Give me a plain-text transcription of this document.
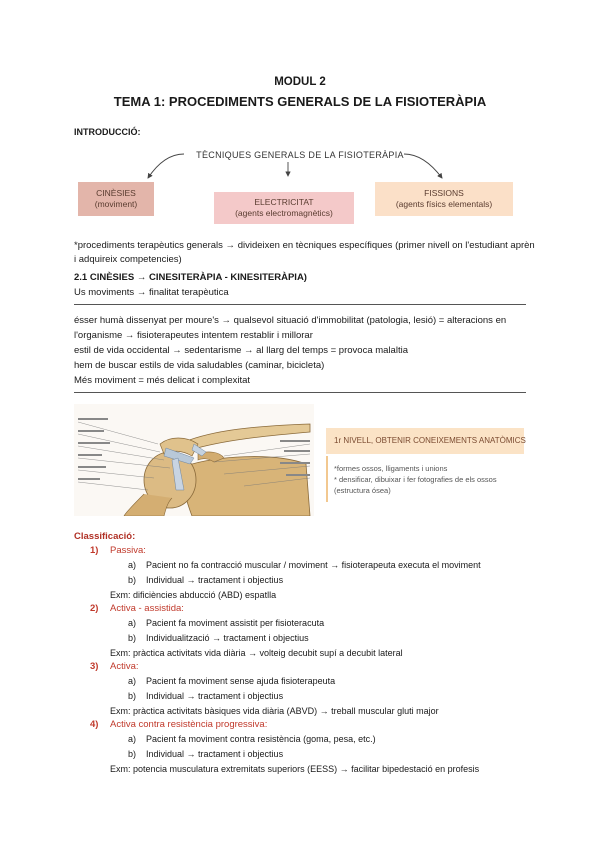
MODUL 2
TEMA 1: PROCEDIMENTS GENERALS DE LA FISIOTERÀPIA
INTRODUCCIÓ:
TÈCNIQUES GENERALS DE LA FISIOTERÀPIA
CINÈSIES
(moviment)	ELECTRICITAT
(agents electromagnètics)
FISSIONS
(agents físics elementals)
*procediments terapèutics generals → divideixen en tècniques específiques (primer nivell on l'estudiant aprèn
i adquireix competencies)
2.1 CINÈSIES → CINESITERÀPIA - KINESITERÀPIA)
Us moviments → finalitat terapèutica
ésser humà dissenyat per moure's → qualsevol situació d'immobilitat (patologia, lesió) = alteracions en
l'organisme → fisioterapeutes intentem restablir i millorar
estil de vida occidental → sedentarisme → al llarg del temps = provoca malaltia
hem de buscar estils de vida saludables (caminar, bicicleta)
Més moviment = més delicat i complexitat
1r NIVELL, OBTENIR CONEIXEMENTS ANATÒMICS
*formes ossos, lligaments i unions
* densificar, dibuixar i fer fotografies de els ossos
(estructura ósea)
Classificació:
1) Passiva:
a) Pacient no fa contracció muscular / moviment → fisioterapeuta executa el moviment
b) Individual → tractament i objectius
Exm: dificiències abducció (ABD) espatlla
2) Activa - assistida:
a) Pacient fa moviment assistit per fisioteracuta
b) Individualització → tractament i objectius
Exm: pràctica activitats vida diària → volteig decubit supí a decubit lateral
3) Activa:
a) Pacient fa moviment sense ajuda fisioterapeuta
b) Individual → tractament i objectius
Exm: pràctica activitats bàsiques vida diària (ABVD) → treball muscular gluti major
4) Activa contra resistència progressiva:
a) Pacient fa moviment contra resistència (goma, pesa, etc.)
b) Individual → tractament i objectius
Exm: potencia musculatura extremitats superiors (EESS) → facilitar bipedestació en profesis
